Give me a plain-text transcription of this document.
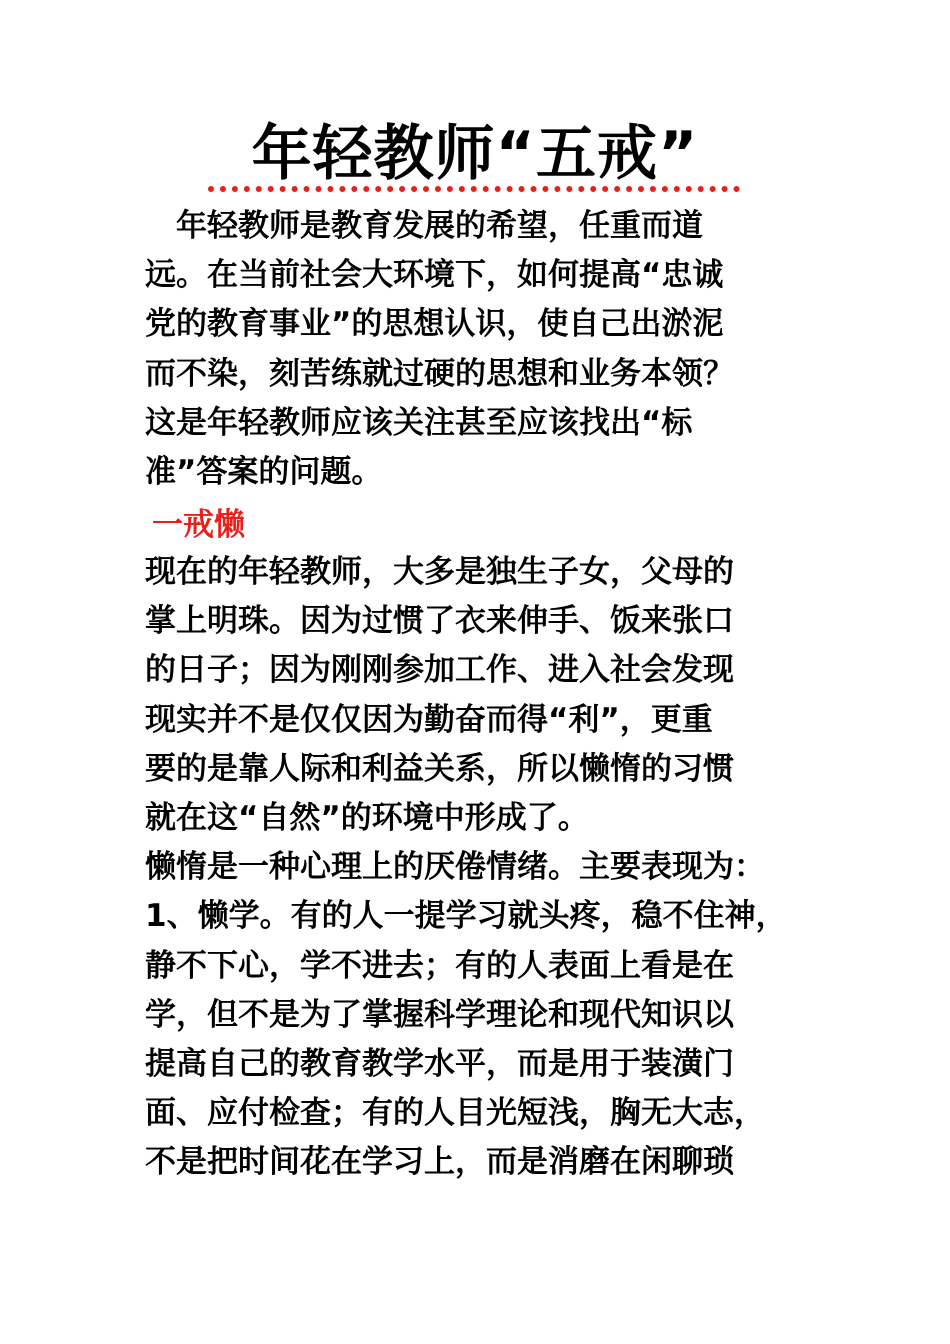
年轻教师“五戒”
　年轻教师是教育发展的希望，任重而道
远。在当前社会大环境下，如何提高“忠诚
党的教育事业”的思想认识，使自己出淤泥
而不染，刻苦练就过硬的思想和业务本领？
这是年轻教师应该关注甚至应该找出“标
准”答案的问题。
一戒懒
现在的年轻教师，大多是独生子女，父母的
掌上明珠。因为过惯了衣来伸手、饭来张口
的日子；因为刚刚参加工作、进入社会发现
现实并不是仅仅因为勤奋而得“利”，更重
要的是靠人际和利益关系，所以懒惰的习惯
就在这“自然”的环境中形成了。
懒惰是一种心理上的厌倦情绪。主要表现为：
1、懒学。有的人一提学习就头疼，稳不住神，
静不下心，学不进去；有的人表面上看是在
学，但不是为了掌握科学理论和现代知识以
提高自己的教育教学水平，而是用于装潢门
面、应付检查；有的人目光短浅，胸无大志，
不是把时间花在学习上，而是消磨在闲聊琐
